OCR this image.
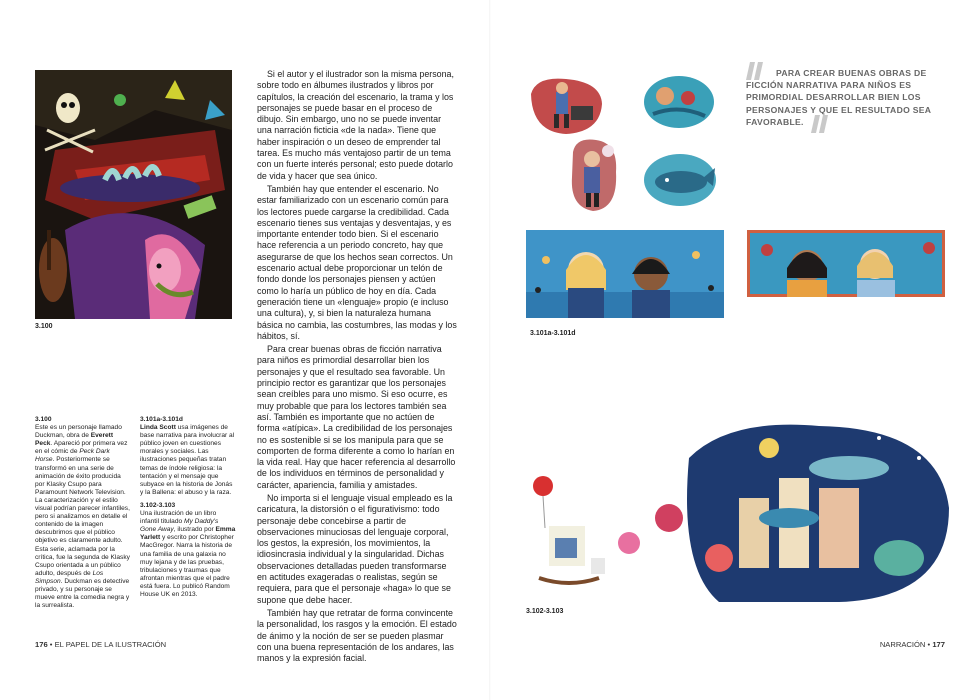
3.100
3.100
Este es un personaje llamado Duckman, obra de Everett Peck. Apareció por primera vez en el cómic de Peck Dark Horse. Posteriormente se transformó en una serie de animación de éxito producida por Klasky Csupo para Paramount Network Television. La caracterización y el estilo visual podrían parecer infantiles, pero si analizamos en detalle el contenido de la imagen descubrimos que el público objetivo es claramente adulto. Esta serie, aclamada por la crítica, fue la segunda de Klasky Csupo orientada a un público adulto, después de Los Simpson. Duckman es detective privado, y su personaje se mueve entre la comedia negra y la surrealista.

3.101a-3.101d
Linda Scott usa imágenes de base narrativa para involucrar al público joven en cuestiones morales y sociales. Las ilustraciones pequeñas tratan temas de índole religiosa: la tentación y el mensaje que subyace en la historia de Jonás y la Ballena: el abuso y la raza.

3.102-3.103
Una ilustración de un libro infantil titulado My Daddy's Gone Away, ilustrado por Emma Yarlett y escrito por Christopher MacGregor. Narra la historia de una familia de una galaxia no muy lejana y de las pruebas, tribulaciones y traumas que afrontan mientras que el padre está fuera. Lo publicó Random House UK en 2013.

Si el autor y el ilustrador son la misma persona, sobre todo en álbumes ilustrados y libros por capítulos, la creación del escenario, la trama y los personajes se puede basar en el proceso de dibujo. Sin embargo, uno no se puede inventar una narración ficticia «de la nada». Tiene que haber inspiración o un deseo de emprender tal tarea. Es mucho más ventajoso partir de un tema con un fuerte interés personal; esto puede dotarlo de vida y hacer que sea único.

También hay que entender el escenario. No estar familiarizado con un escenario común para los lectores puede cargarse la credibilidad. Cada escenario tienes sus ventajas y desventajas, y es importante entender todo bien. Si el escenario hace referencia a un periodo concreto, hay que asegurarse de que los hechos sean correctos. Un escenario actual debe proporcionar un telón de fondo donde los personajes piensen y actúen como lo haría un público de hoy en día. Cada generación tiene un «lenguaje» propio (e incluso una cultura), y, si bien la naturaleza humana básica no cambia, las costumbres, las modas y los hábitos, sí.

Para crear buenas obras de ficción narrativa para niños es primordial desarrollar bien los personajes y que el resultado sea favorable. Un principio rector es garantizar que los personajes sean creíbles para uno mismo. Si eso ocurre, es muy probable que para los lectores también sea así. También es importante que no actúen de forma «atípica». La credibilidad de los personajes no es sostenible si se los manipula para que se comporten de forma diferente a como lo harían en la vida real. Hay que hacer referencia al desarrollo de los individuos en términos de personalidad y carácter, apariencia, familia y amistades.

No importa si el lenguaje visual empleado es la caricatura, la distorsión o el figurativismo: todo personaje debe concebirse a partir de observaciones minuciosas del lenguaje corporal, los gestos, la expresión, los movimientos, la idiosincrasia individual y la singularidad. Dichas observaciones detalladas pueden transformarse en actitudes exageradas o realistas, según se requiera, para que el personaje «haga» lo que se supone que debe hacer.

También hay que retratar de forma convincente la personalidad, los rasgos y la emoción. El estado de ánimo y la noción de ser se pueden plasmar con una buena representación de los andares, las manos y la expresión facial.

176 • EL PAPEL DE LA ILUSTRACIÓN
PARA CREAR BUENAS OBRAS DE FICCIÓN NARRATIVA PARA NIÑOS ES PRIMORDIAL DESARROLLAR BIEN LOS PERSONAJES Y QUE EL RESULTADO SEA FAVORABLE.
3.101a-3.101d
3.102-3.103
NARRACIÓN • 177
